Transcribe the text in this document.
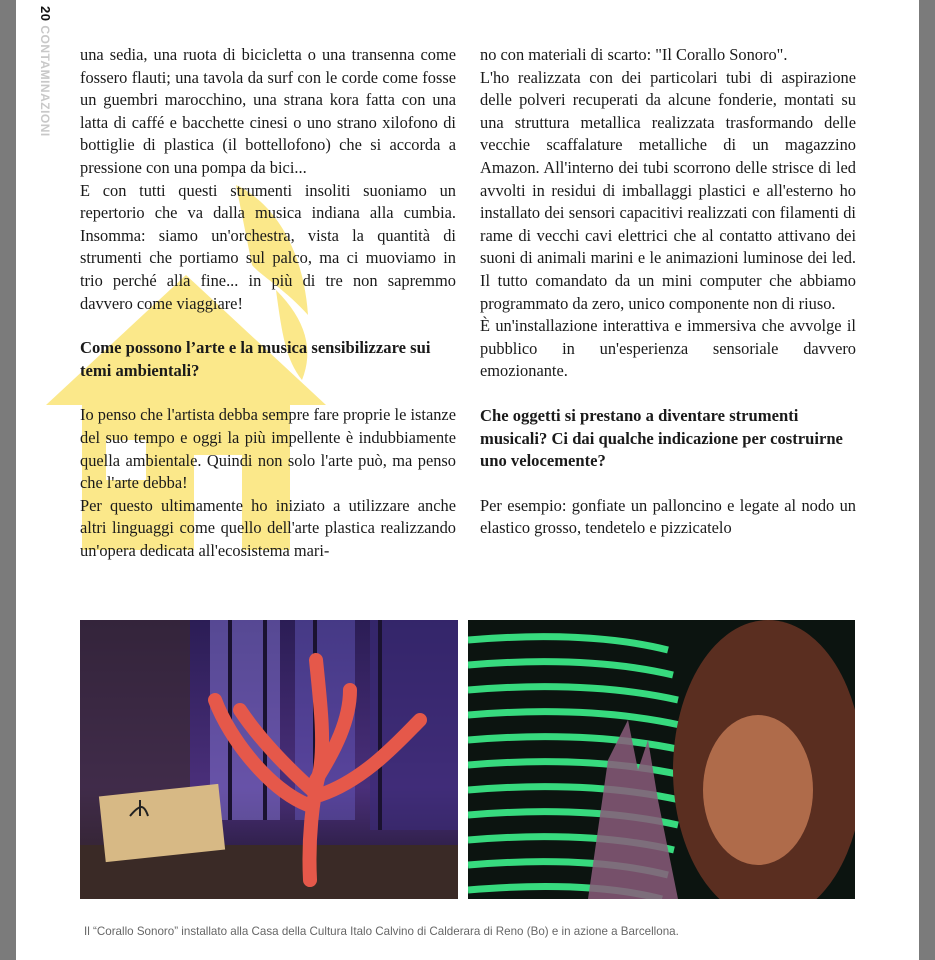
20 CONTAMINAZIONI una sedia, una ruota di bicicletta o una transenna come fossero flauti; una tavola da surf con le corde come fosse un guembri marocchino, una strana kora fatta con una latta di caffé e bacchette cinesi o uno strano xilofono di bottiglie di plastica (il bottellofono) che si accorda a pressione con una pompa da bici...

E con tutti questi strumenti insoliti suoniamo un repertorio che va dalla musica indiana alla cumbia. Insomma: siamo un'orchestra, vista la quantità di strumenti che portiamo sul palco, ma ci muoviamo in trio perché alla fine... in più di tre non sapremmo davvero come viaggiare!

Come possono l’arte e la musica sensibilizzare sui temi ambientali?

Io penso che l'artista debba sempre fare proprie le istanze del suo tempo e oggi la più impellente è indubbiamente quella ambientale. Quindi non solo l'arte può, ma penso che l'arte debba!

Per questo ultimamente ho iniziato a utilizzare anche altri linguaggi come quello dell'arte plastica realizzando un'opera dedicata all'ecosistema mari-

no con materiali di scarto: "Il Corallo Sonoro".

L'ho realizzata con dei particolari tubi di aspirazione delle polveri recuperati da alcune fonderie, montati su una struttura metallica realizzata trasformando delle vecchie scaffalature metalliche di un magazzino Amazon. All'interno dei tubi scorrono delle strisce di led avvolti in residui di imballaggi plastici e all'esterno ho installato dei sensori capacitivi realizzati con filamenti di rame di vecchi cavi elettrici che al contatto attivano dei suoni di animali marini e le animazioni luminose dei led. Il tutto comandato da un mini computer che abbiamo programmato da zero, unico componente non di riuso.

È un'installazione interattiva e immersiva che avvolge il pubblico in un'esperienza sensoriale davvero emozionante.

Che oggetti si prestano a diventare strumenti musicali? Ci dai qualche indicazione per costruirne uno velocemente?

Per esempio: gonfiate un palloncino e legate al nodo un elastico grosso, tendetelo e pizzicatelo

Il “Corallo Sonoro” installato alla Casa della Cultura Italo Calvino di Calderara di Reno (Bo) e in azione a Barcellona.
